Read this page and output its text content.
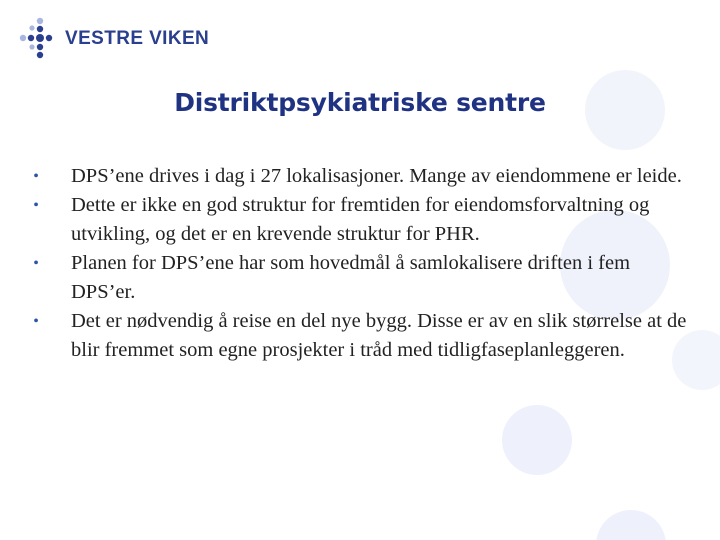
VESTRE VIKEN
Distriktpsykiatriske sentre
• DPS’ene drives i dag i 27 lokalisasjoner. Mange av eiendommene er leide.
• Dette er ikke en god struktur for fremtiden for eiendomsforvaltning og utvikling, og det er en krevende struktur for PHR.
• Planen for DPS’ene har som hovedmål å samlokalisere driften i fem DPS’er.
• Det er nødvendig å reise en del nye bygg. Disse er av en slik størrelse at de blir fremmet som egne prosjekter i tråd med tidligfaseplanleggeren.
